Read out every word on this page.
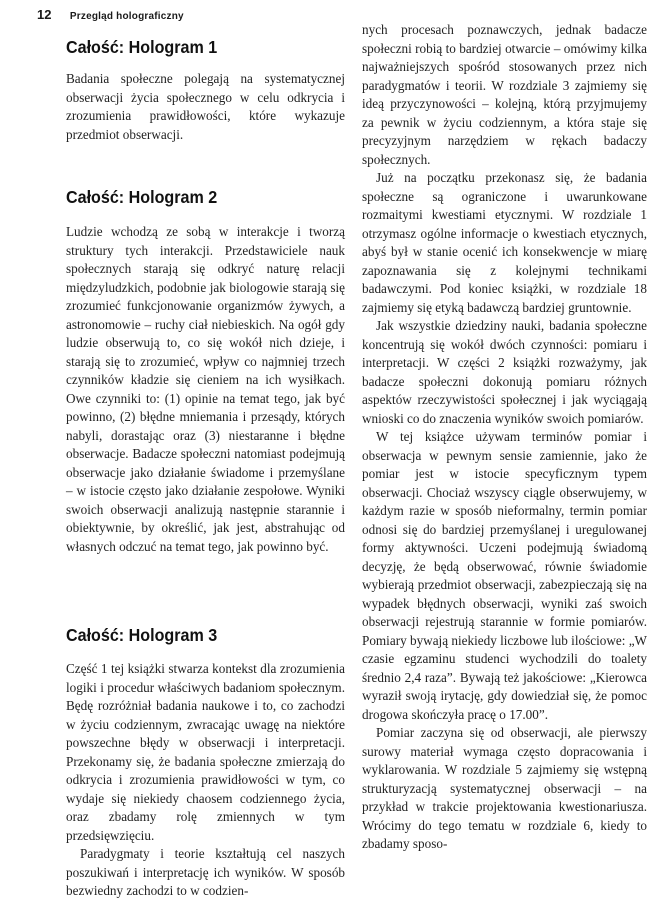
12 Przegląd holograficzny
Całość: Hologram 1

Badania społeczne polegają na systematycznej obserwacji życia społecznego w celu odkrycia i zrozumienia prawidłowości, które wykazuje przedmiot obserwacji.

Całość: Hologram 2

Ludzie wchodzą ze sobą w interakcje i tworzą struktury tych interakcji. Przedstawiciele nauk społecznych starają się odkryć naturę relacji międzyludzkich, podobnie jak biologowie starają się zrozumieć funkcjonowanie organizmów żywych, a astronomowie – ruchy ciał niebieskich. Na ogół gdy ludzie obserwują to, co się wokół nich dzieje, i starają się to zrozumieć, wpływ co najmniej trzech czynników kładzie się cieniem na ich wysiłkach. Owe czynniki to: (1) opinie na temat tego, jak być powinno, (2) błędne mniemania i przesądy, których nabyli, dorastając oraz (3) niestaranne i błędne obserwacje. Badacze społeczni natomiast podejmują obserwacje jako działanie świadome i przemyślane – w istocie często jako działanie zespołowe. Wyniki swoich obserwacji analizują następnie starannie i obiektywnie, by określić, jak jest, abstrahując od własnych odczuć na temat tego, jak powinno być.

Całość: Hologram 3

Część 1 tej książki stwarza kontekst dla zrozumienia logiki i procedur właściwych badaniom społecznym. Będę rozróżniał badania naukowe i to, co zachodzi w życiu codziennym, zwracając uwagę na niektóre powszechne błędy w obserwacji i interpretacji. Przekonamy się, że badania społeczne zmierzają do odkrycia i zrozumienia prawidłowości w tym, co wydaje się niekiedy chaosem codziennego życia, oraz zbadamy rolę zmiennych w tym przedsięwzięciu.

Paradygmaty i teorie kształtują cel naszych poszukiwań i interpretację ich wyników. W sposób bezwiedny zachodzi to w codzien-

nych procesach poznawczych, jednak badacze społeczni robią to bardziej otwarcie – omówimy kilka najważniejszych spośród stosowanych przez nich paradygmatów i teorii. W rozdziale 3 zajmiemy się ideą przyczynowości – kolejną, którą przyjmujemy za pewnik w życiu codziennym, a która staje się precyzyjnym narzędziem w rękach badaczy społecznych.

Już na początku przekonasz się, że badania społeczne są ograniczone i uwarunkowane rozmaitymi kwestiami etycznymi. W rozdziale 1 otrzymasz ogólne informacje o kwestiach etycznych, abyś był w stanie ocenić ich konsekwencje w miarę zapoznawania się z kolejnymi technikami badawczymi. Pod koniec książki, w rozdziale 18 zajmiemy się etyką badawczą bardziej gruntownie.

Jak wszystkie dziedziny nauki, badania społeczne koncentrują się wokół dwóch czynności: pomiaru i interpretacji. W części 2 książki rozważymy, jak badacze społeczni dokonują pomiaru różnych aspektów rzeczywistości społecznej i jak wyciągają wnioski co do znaczenia wyników swoich pomiarów.

W tej książce używam terminów pomiar i obserwacja w pewnym sensie zamiennie, jako że pomiar jest w istocie specyficznym typem obserwacji. Chociaż wszyscy ciągle obserwujemy, w każdym razie w sposób nieformalny, termin pomiar odnosi się do bardziej przemyślanej i uregulowanej formy aktywności. Uczeni podejmują świadomą decyzję, że będą obserwować, równie świadomie wybierają przedmiot obserwacji, zabezpieczają się na wypadek błędnych obserwacji, wyniki zaś swoich obserwacji rejestrują starannie w formie pomiarów. Pomiary bywają niekiedy liczbowe lub ilościowe: „W czasie egzaminu studenci wychodzili do toalety średnio 2,4 raza”. Bywają też jakościowe: „Kierowca wyraził swoją irytację, gdy dowiedział się, że pomoc drogowa skończyła pracę o 17.00”.

Pomiar zaczyna się od obserwacji, ale pierwszy surowy materiał wymaga często dopracowania i wyklarowania. W rozdziale 5 zajmiemy się wstępną strukturyzacją systematycznej obserwacji – na przykład w trakcie projektowania kwestionariusza. Wrócimy do tego tematu w rozdziale 6, kiedy to zbadamy sposo-
